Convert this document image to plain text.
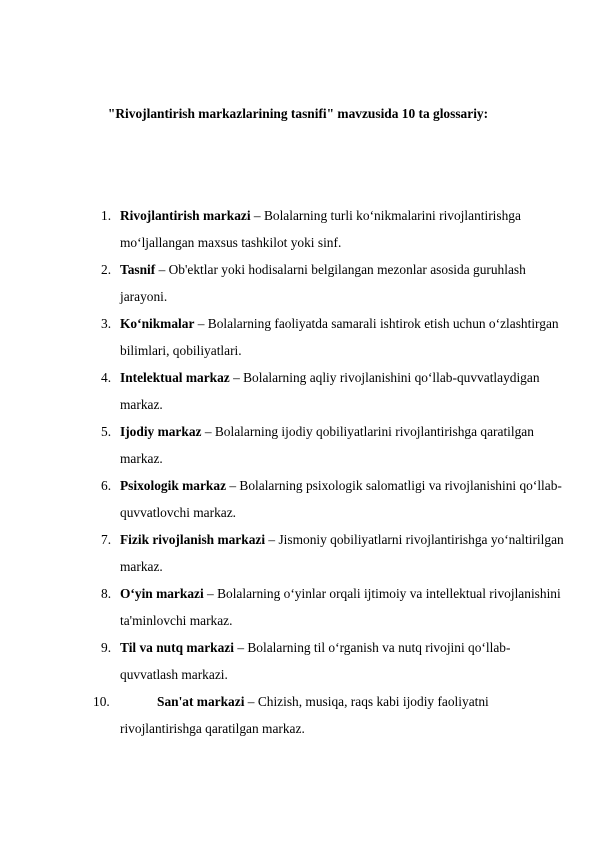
"Rivojlantirish markazlarining tasnifi" mavzusida 10 ta glossariy:
1. Rivojlantirish markazi – Bolalarning turli koʻnikmalarini rivojlantirishga moʻljallangan maxsus tashkilot yoki sinf.
2. Tasnif – Ob'ektlar yoki hodisalarni belgilangan mezonlar asosida guruhlash jarayoni.
3. Koʻnikmalar – Bolalarning faoliyatda samarali ishtirok etish uchun oʻzlashtirgan bilimlari, qobiliyatlari.
4. Intelektual markaz – Bolalarning aqliy rivojlanishini qoʻllab-quvvatlaydigan markaz.
5. Ijodiy markaz – Bolalarning ijodiy qobiliyatlarini rivojlantirishga qaratilgan markaz.
6. Psixologik markaz – Bolalarning psixologik salomatligi va rivojlanishini qoʻllab-quvvatlovchi markaz.
7. Fizik rivojlanish markazi – Jismoniy qobiliyatlarni rivojlantirishga yoʻnaltirilgan markaz.
8. Oʻyin markazi – Bolalarning oʻyinlar orqali ijtimoiy va intellektual rivojlanishini ta'minlovchi markaz.
9. Til va nutq markazi – Bolalarning til oʻrganish va nutq rivojini qoʻllab-quvvatlash markazi.
10.	San'at markazi – Chizish, musiqa, raqs kabi ijodiy faoliyatni rivojlantirishga qaratilgan markaz.
